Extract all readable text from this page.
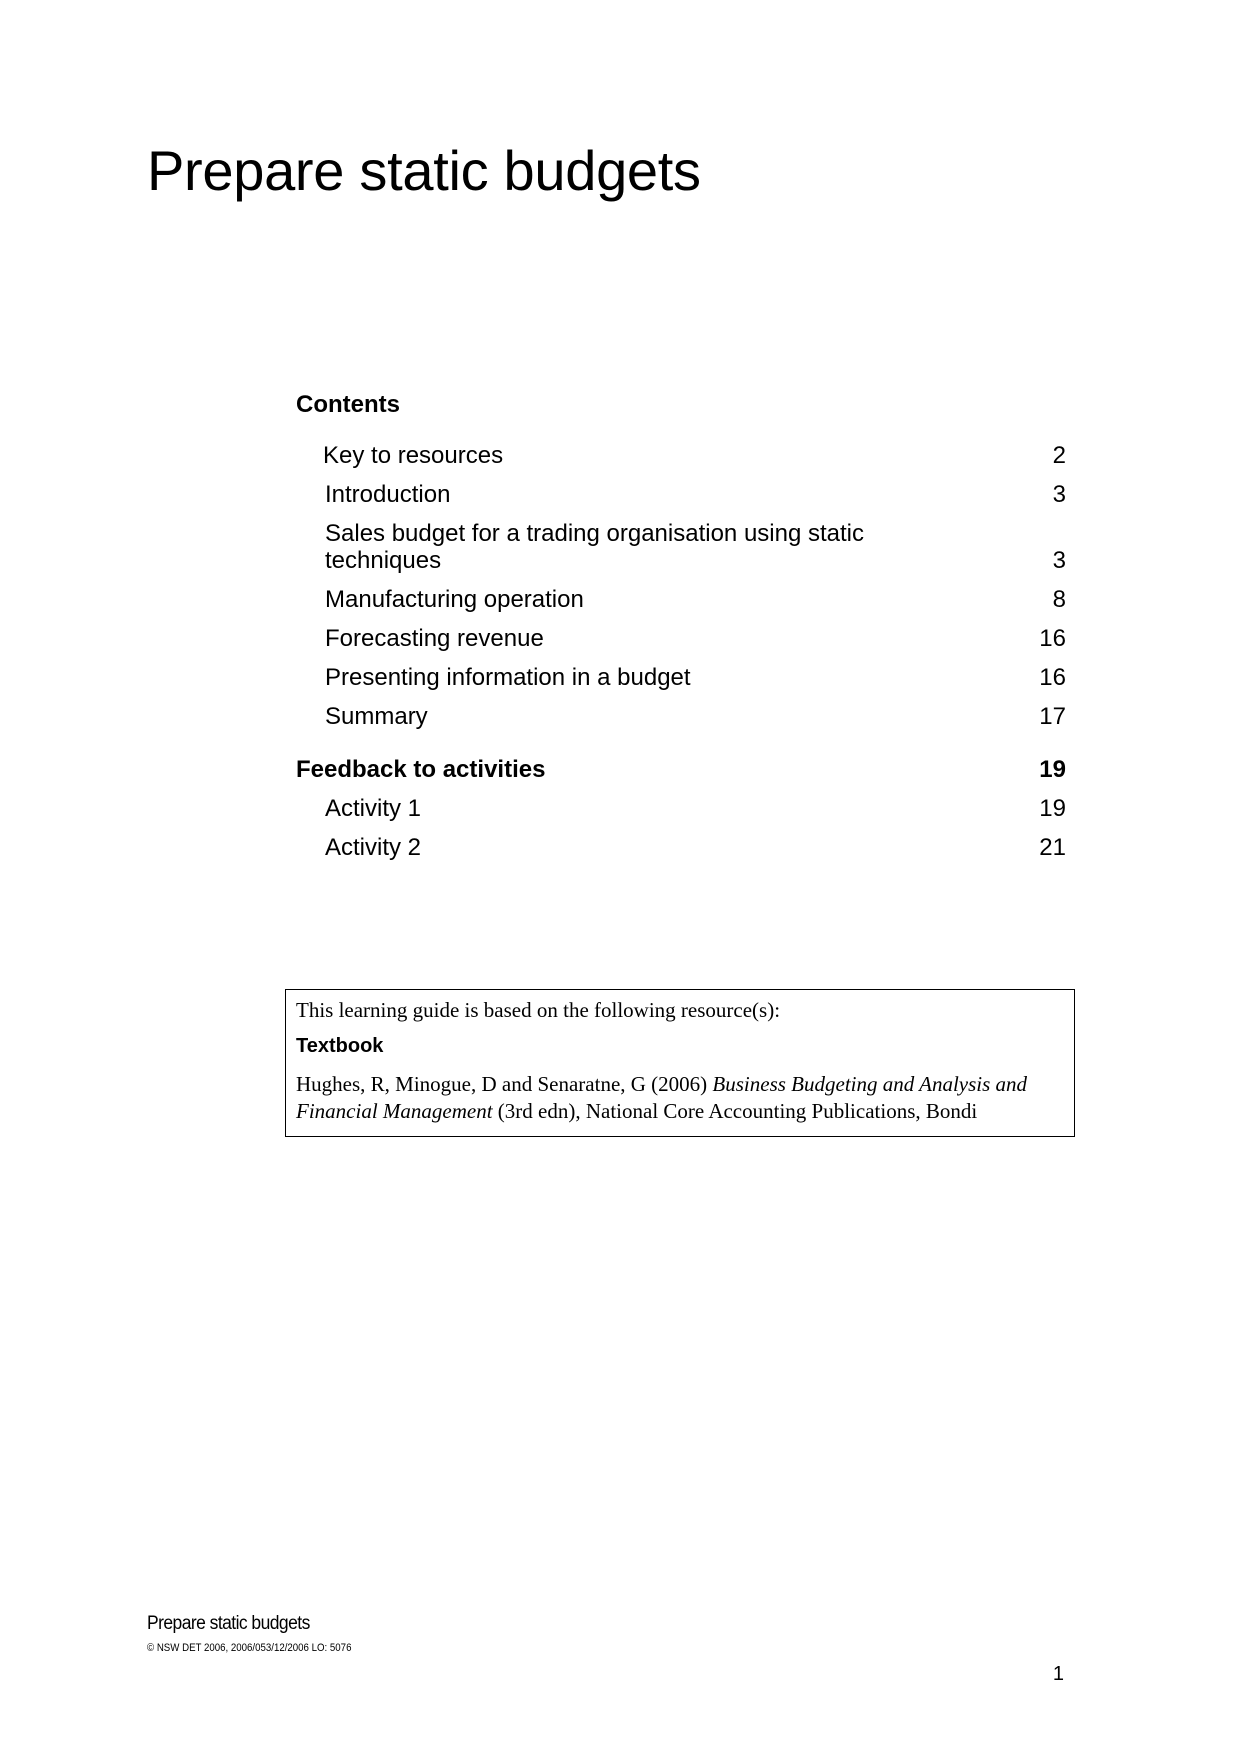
Prepare static budgets
Contents
Key to resources	2
Introduction	3
Sales budget for a trading organisation using static techniques	3
Manufacturing operation	8
Forecasting revenue	16
Presenting information in a budget	16
Summary	17
Feedback to activities	19
Activity 1	19
Activity 2	21

This learning guide is based on the following resource(s):

Textbook

Hughes, R, Minogue, D and Senaratne, G (2006) Business Budgeting and Analysis and Financial Management (3rd edn), National Core Accounting Publications, Bondi

Prepare static budgets
© NSW DET 2006, 2006/053/12/2006 LO: 5076
1
